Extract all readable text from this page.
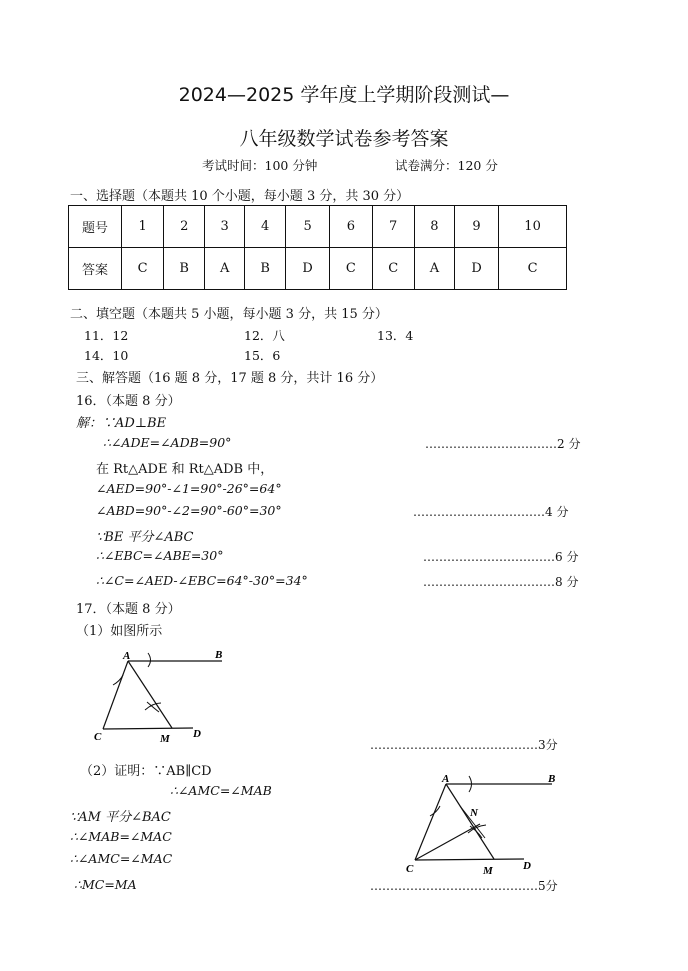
2024—2025 学年度上学期阶段测试—
八年级数学试卷参考答案
考试时间：100 分钟	试卷满分：120 分
一、选择题（本题共 10 个小题，每小题 3 分，共 30 分）
题号	1	2	3	4	5	6	7	8	9	10
答案	C	B	A	B	D	C	C	A	D	C
二、填空题（本题共 5 小题，每小题 3 分，共 15 分）
11．12	12．八	13．4
14．10	15．6
三、解答题（16 题 8 分，17 题 8 分，共计 16 分）
16．（本题 8 分）
解：∵AD⊥BE
∴∠ADE=∠ADB=90°	……………………………2 分
在 Rt△ADE 和 Rt△ADB 中，
∠AED=90°-∠1=90°-26°=64°
∠ABD=90°-∠2=90°-60°=30°	……………………………4 分
∵BE 平分∠ABC
∴∠EBC=∠ABE=30°	……………………………6 分
∴∠C=∠AED-∠EBC=64°-30°=34°	……………………………8 分
17．（本题 8 分）
（1）如图所示
A	B
C	M D
……………………………………3分
（2）证明：∵AB∥CD
∴∠AMC=∠MAB
∵AM 平分∠BAC
∴∠MAB=∠MAC
∴∠AMC=∠MAC
∴MC=MA
A	B
N
C	M	D
……………………………………5分
